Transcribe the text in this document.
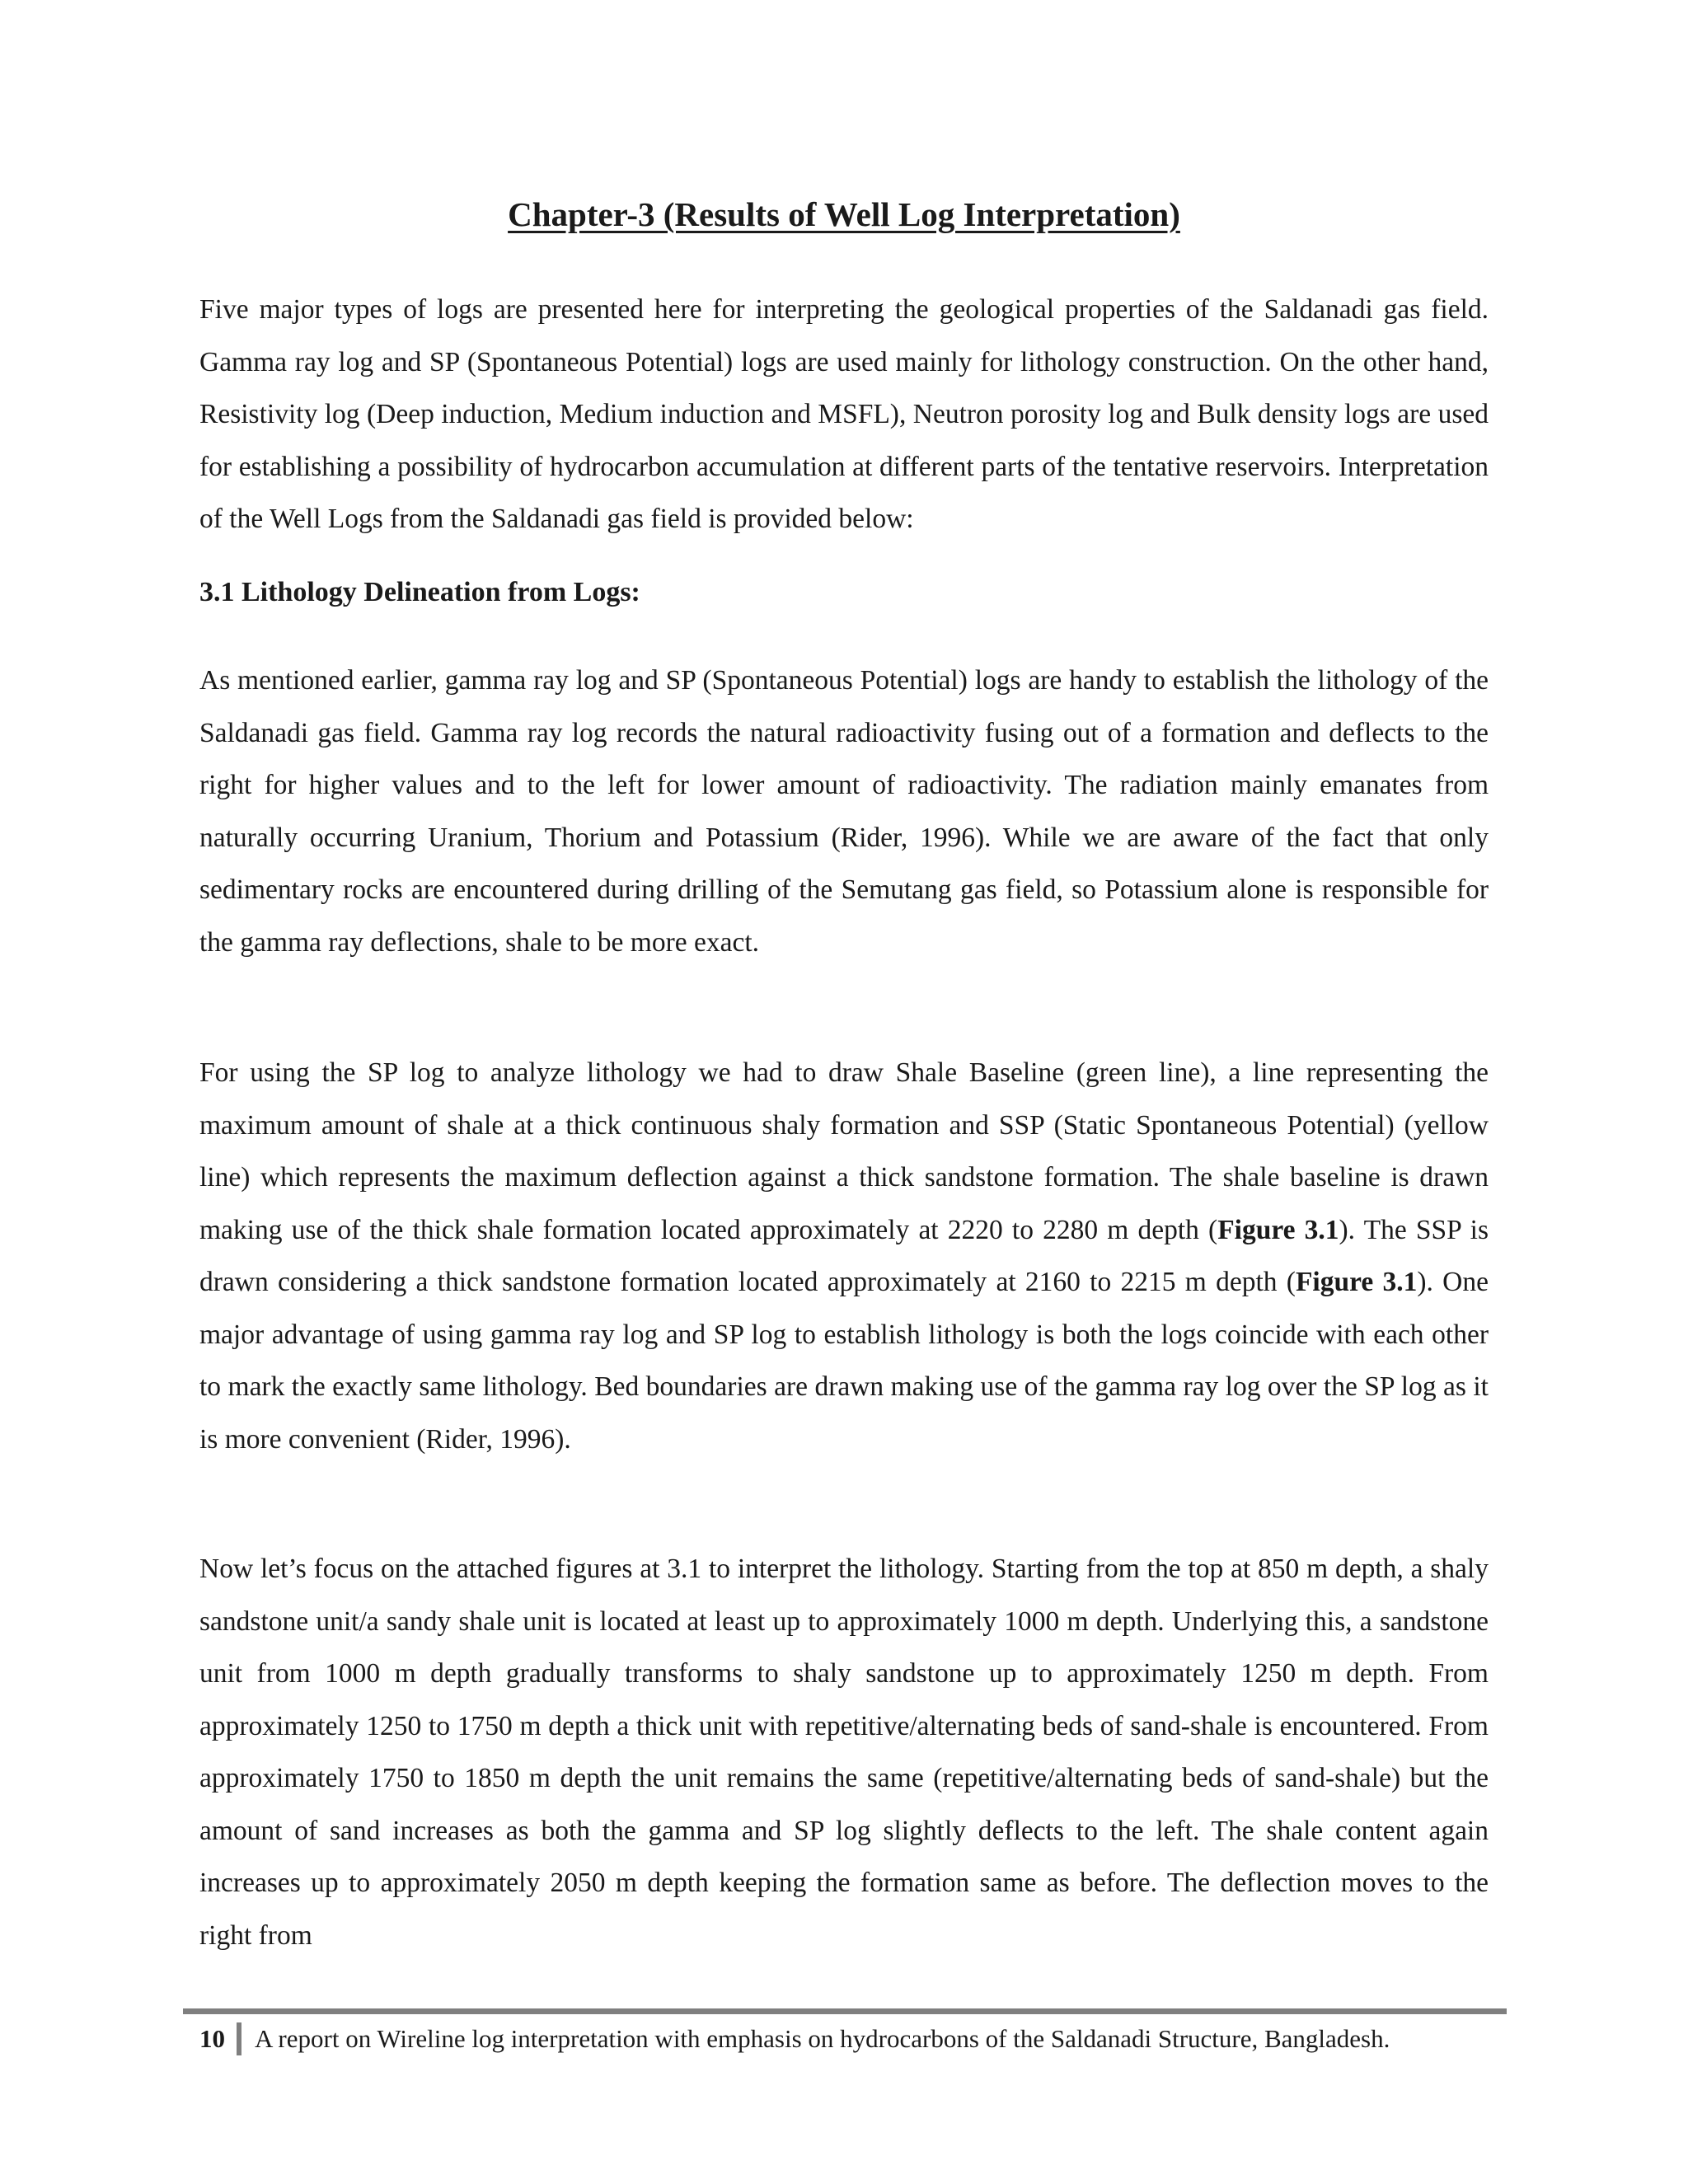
Chapter-3 (Results of Well Log Interpretation)

Five major types of logs are presented here for interpreting the geological properties of the Saldanadi gas field. Gamma ray log and SP (Spontaneous Potential) logs are used mainly for lithology construction. On the other hand, Resistivity log (Deep induction, Medium induction and MSFL), Neutron porosity log and Bulk density logs are used for establishing a possibility of hydrocarbon accumulation at different parts of the tentative reservoirs. Interpretation of the Well Logs from the Saldanadi gas field is provided below:

3.1 Lithology Delineation from Logs:

As mentioned earlier, gamma ray log and SP (Spontaneous Potential) logs are handy to establish the lithology of the Saldanadi gas field. Gamma ray log records the natural radioactivity fusing out of a formation and deflects to the right for higher values and to the left for lower amount of radioactivity. The radiation mainly emanates from naturally occurring Uranium, Thorium and Potassium (Rider, 1996). While we are aware of the fact that only sedimentary rocks are encountered during drilling of the Semutang gas field, so Potassium alone is responsible for the gamma ray deflections, shale to be more exact.

For using the SP log to analyze lithology we had to draw Shale Baseline (green line), a line representing the maximum amount of shale at a thick continuous shaly formation and SSP (Static Spontaneous Potential) (yellow line) which represents the maximum deflection against a thick sandstone formation. The shale baseline is drawn making use of the thick shale formation located approximately at 2220 to 2280 m depth (Figure 3.1). The SSP is drawn considering a thick sandstone formation located approximately at 2160 to 2215 m depth (Figure 3.1). One major advantage of using gamma ray log and SP log to establish lithology is both the logs coincide with each other to mark the exactly same lithology. Bed boundaries are drawn making use of the gamma ray log over the SP log as it is more convenient (Rider, 1996).

Now let’s focus on the attached figures at 3.1 to interpret the lithology. Starting from the top at 850 m depth, a shaly sandstone unit/a sandy shale unit is located at least up to approximately 1000 m depth. Underlying this, a sandstone unit from 1000 m depth gradually transforms to shaly sandstone up to approximately 1250 m depth. From approximately 1250 to 1750 m depth a thick unit with repetitive/alternating beds of sand-shale is encountered. From approximately 1750 to 1850 m depth the unit remains the same (repetitive/alternating beds of sand-shale) but the amount of sand increases as both the gamma and SP log slightly deflects to the left. The shale content again increases up to approximately 2050 m depth keeping the formation same as before. The deflection moves to the right from

10	A report on Wireline log interpretation with emphasis on hydrocarbons of the Saldanadi Structure, Bangladesh.
